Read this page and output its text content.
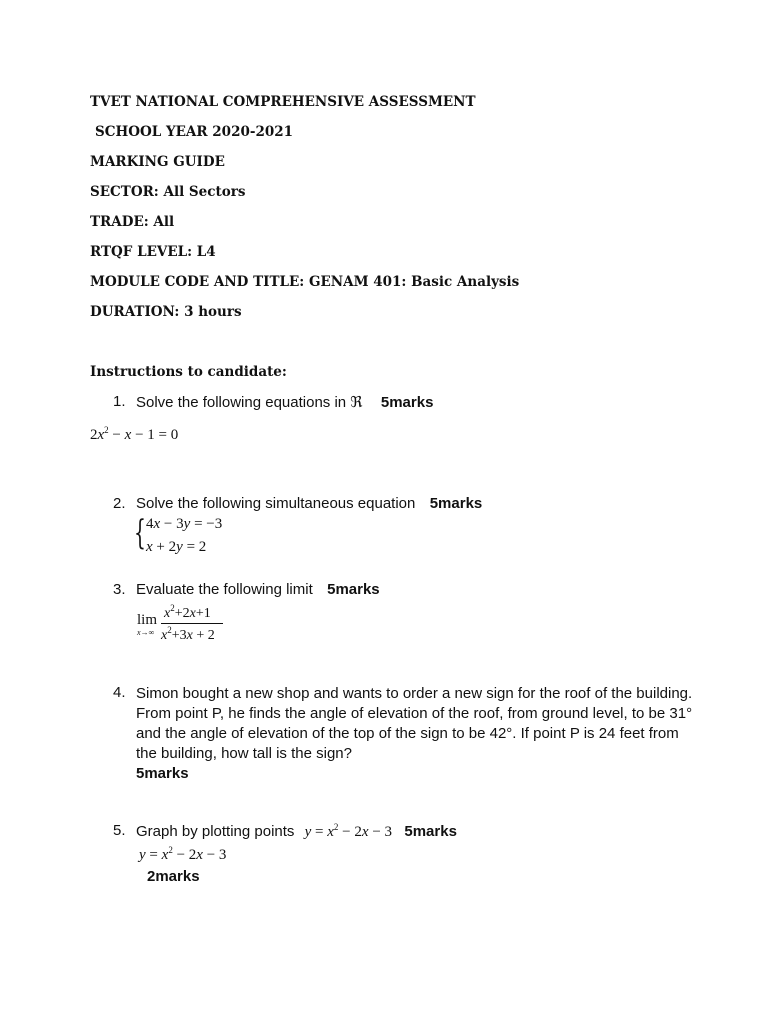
TVET NATIONAL COMPREHENSIVE ASSESSMENT
SCHOOL YEAR 2020-2021
MARKING GUIDE
SECTOR: All Sectors
TRADE: All
RTQF LEVEL: L4
MODULE CODE AND TITLE: GENAM 401: Basic Analysis
DURATION: 3 hours
Instructions to candidate:
1. Solve the following equations in ℜ 5marks
$2x^2 - x - 1 = 0$
2. Solve the following simultaneous equation 5marks
{ 4x − 3y = −3
x + 2y = 2
3. Evaluate the following limit 5marks
lim
x→∞
$x^2+2x+1$
$x^2+3x + 2$
4. Simon bought a new shop and wants to order a new sign for the roof of the building. From point P, he finds the angle of elevation of the roof, from ground level, to be 31° and the angle of elevation of the top of the sign to be 42°. If point P is 24 feet from the building, how tall is the sign?
5marks
5. Graph by plotting points $y = x^2 - 2x - 3$ 5marks
$y = x^2 - 2x - 3$
2marks
